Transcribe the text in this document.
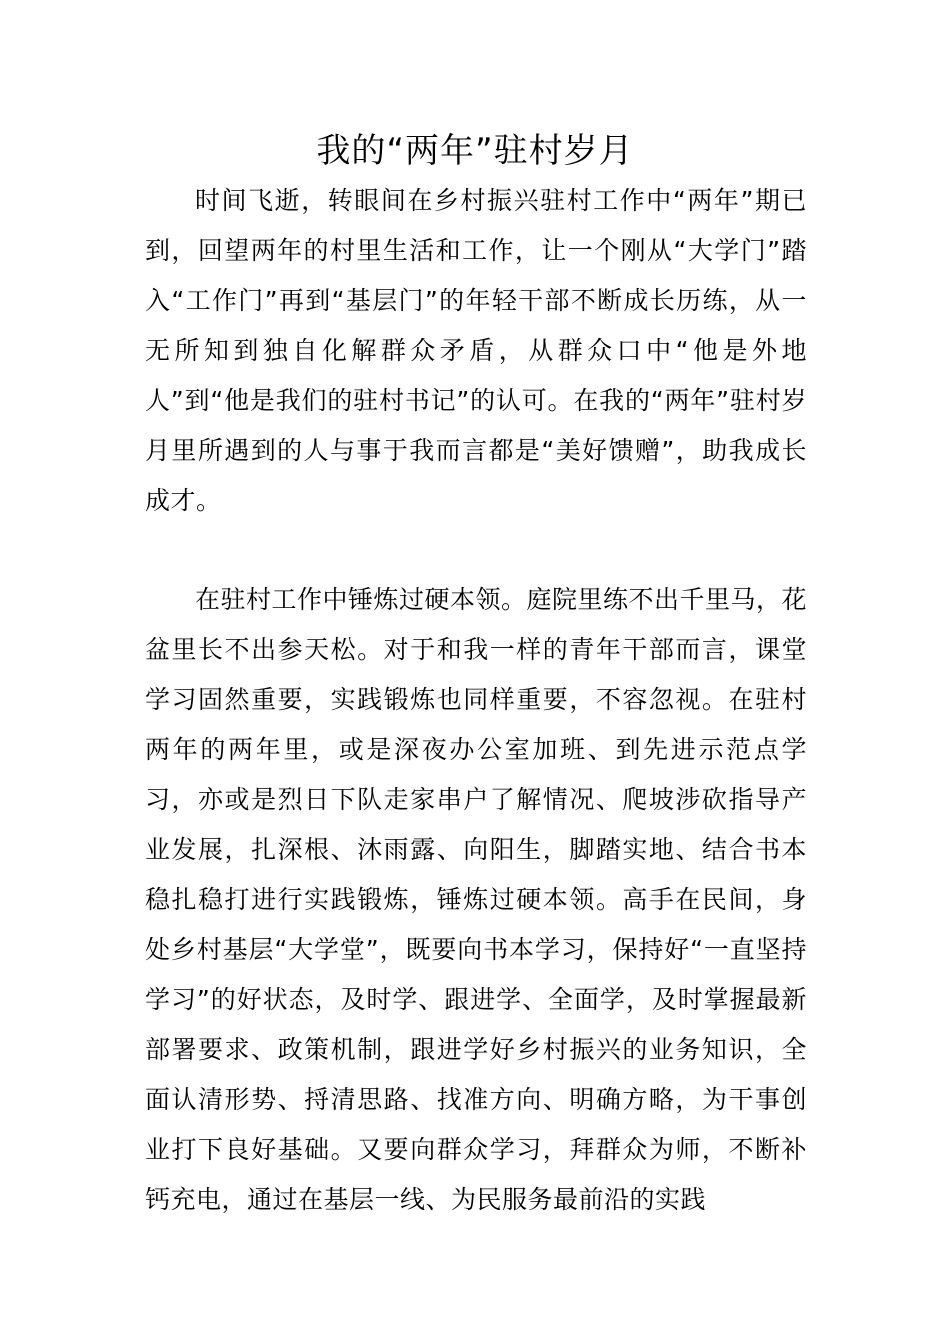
我的“两年”驻村岁月

时间飞逝，转眼间在乡村振兴驻村工作中“两年”期已到，回望两年的村里生活和工作，让一个刚从“大学门”踏入“工作门”再到“基层门”的年轻干部不断成长历练，从一无所知到独自化解群众矛盾，从群众口中“他是外地人”到“他是我们的驻村书记”的认可。在我的“两年”驻村岁月里所遇到的人与事于我而言都是“美好馈赠”，助我成长成才。

在驻村工作中锤炼过硬本领。庭院里练不出千里马，花盆里长不出参天松。对于和我一样的青年干部而言，课堂学习固然重要，实践锻炼也同样重要，不容忽视。在驻村两年的两年里，或是深夜办公室加班、到先进示范点学习，亦或是烈日下队走家串户了解情况、爬坡涉砍指导产业发展，扎深根、沐雨露、向阳生，脚踏实地、结合书本稳扎稳打进行实践锻炼，锤炼过硬本领。高手在民间，身处乡村基层“大学堂”，既要向书本学习，保持好“一直坚持学习”的好状态，及时学、跟进学、全面学，及时掌握最新部署要求、政策机制，跟进学好乡村振兴的业务知识，全面认清形势、捋清思路、找准方向、明确方略，为干事创业打下良好基础。又要向群众学习，拜群众为师，不断补钙充电，通过在基层一线、为民服务最前沿的实践
